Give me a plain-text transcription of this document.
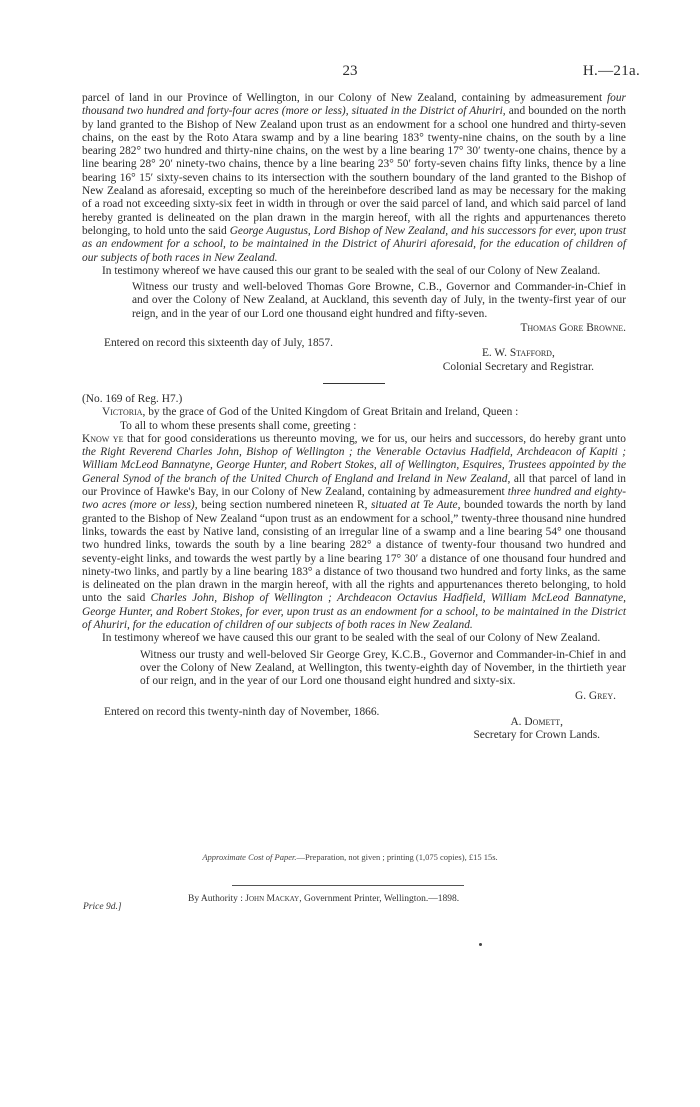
23	H.—21a.

parcel of land in our Province of Wellington, in our Colony of New Zealand, containing by admeasurement four thousand two hundred and forty-four acres (more or less), situated in the District of Ahuriri, and bounded on the north by land granted to the Bishop of New Zealand upon trust as an endowment for a school one hundred and thirty-seven chains, on the east by the Roto Atara swamp and by a line bearing 183° twenty-nine chains, on the south by a line bearing 282° two hundred and thirty-nine chains, on the west by a line bearing 17° 30′ twenty-one chains, thence by a line bearing 28° 20′ ninety-two chains, thence by a line bearing 23° 50′ forty-seven chains fifty links, thence by a line bearing 16° 15′ sixty-seven chains to its intersection with the southern boundary of the land granted to the Bishop of New Zealand as aforesaid, excepting so much of the hereinbefore described land as may be necessary for the making of a road not exceeding sixty-six feet in width in through or over the said parcel of land, and which said parcel of land hereby granted is delineated on the plan drawn in the margin hereof, with all the rights and appurtenances thereto belonging, to hold unto the said George Augustus, Lord Bishop of New Zealand, and his successors for ever, upon trust as an endowment for a school, to be maintained in the District of Ahuriri aforesaid, for the education of children of our subjects of both races in New Zealand.

In testimony whereof we have caused this our grant to be sealed with the seal of our Colony of New Zealand.

Witness our trusty and well-beloved Thomas Gore Browne, C.B., Governor and Commander-in-Chief in and over the Colony of New Zealand, at Auckland, this seventh day of July, in the twenty-first year of our reign, and in the year of our Lord one thousand eight hundred and fifty-seven.

Thomas Gore Browne.

Entered on record this sixteenth day of July, 1857.
E. W. Stafford,
Colonial Secretary and Registrar.

(No. 169 of Reg. H7.)

Victoria, by the grace of God of the United Kingdom of Great Britain and Ireland, Queen :

To all to whom these presents shall come, greeting :

Know ye that for good considerations us thereunto moving, we for us, our heirs and successors, do hereby grant unto the Right Reverend Charles John, Bishop of Wellington ; the Venerable Octavius Hadfield, Archdeacon of Kapiti ; William McLeod Bannatyne, George Hunter, and Robert Stokes, all of Wellington, Esquires, Trustees appointed by the General Synod of the branch of the United Church of England and Ireland in New Zealand, all that parcel of land in our Province of Hawke's Bay, in our Colony of New Zealand, containing by admeasurement three hundred and eighty-two acres (more or less), being section numbered nineteen R, situated at Te Aute, bounded towards the north by land granted to the Bishop of New Zealand “upon trust as an endowment for a school,” twenty-three thousand nine hundred links, towards the east by Native land, consisting of an irregular line of a swamp and a line bearing 54° one thousand two hundred links, towards the south by a line bearing 282° a distance of twenty-four thousand two hundred and seventy-eight links, and towards the west partly by a line bearing 17° 30′ a distance of one thousand four hundred and ninety-two links, and partly by a line bearing 183° a distance of two thousand two hundred and forty links, as the same is delineated on the plan drawn in the margin hereof, with all the rights and appurtenances thereto belonging, to hold unto the said Charles John, Bishop of Wellington ; Archdeacon Octavius Hadfield, William McLeod Bannatyne, George Hunter, and Robert Stokes, for ever, upon trust as an endowment for a school, to be maintained in the District of Ahuriri, for the education of children of our subjects of both races in New Zealand.

In testimony whereof we have caused this our grant to be sealed with the seal of our Colony of New Zealand.

Witness our trusty and well-beloved Sir George Grey, K.C.B., Governor and Commander-in-Chief in and over the Colony of New Zealand, at Wellington, this twenty-eighth day of November, in the thirtieth year of our reign, and in the year of our Lord one thousand eight hundred and sixty-six.

G. Grey.

Entered on record this twenty-ninth day of November, 1866.
A. Domett,
Secretary for Crown Lands.
Approximate Cost of Paper.—Preparation, not given ; printing (1,075 copies), £15 15s.
By Authority : John Mackay, Government Printer, Wellington.—1898.
Price 9d.]
